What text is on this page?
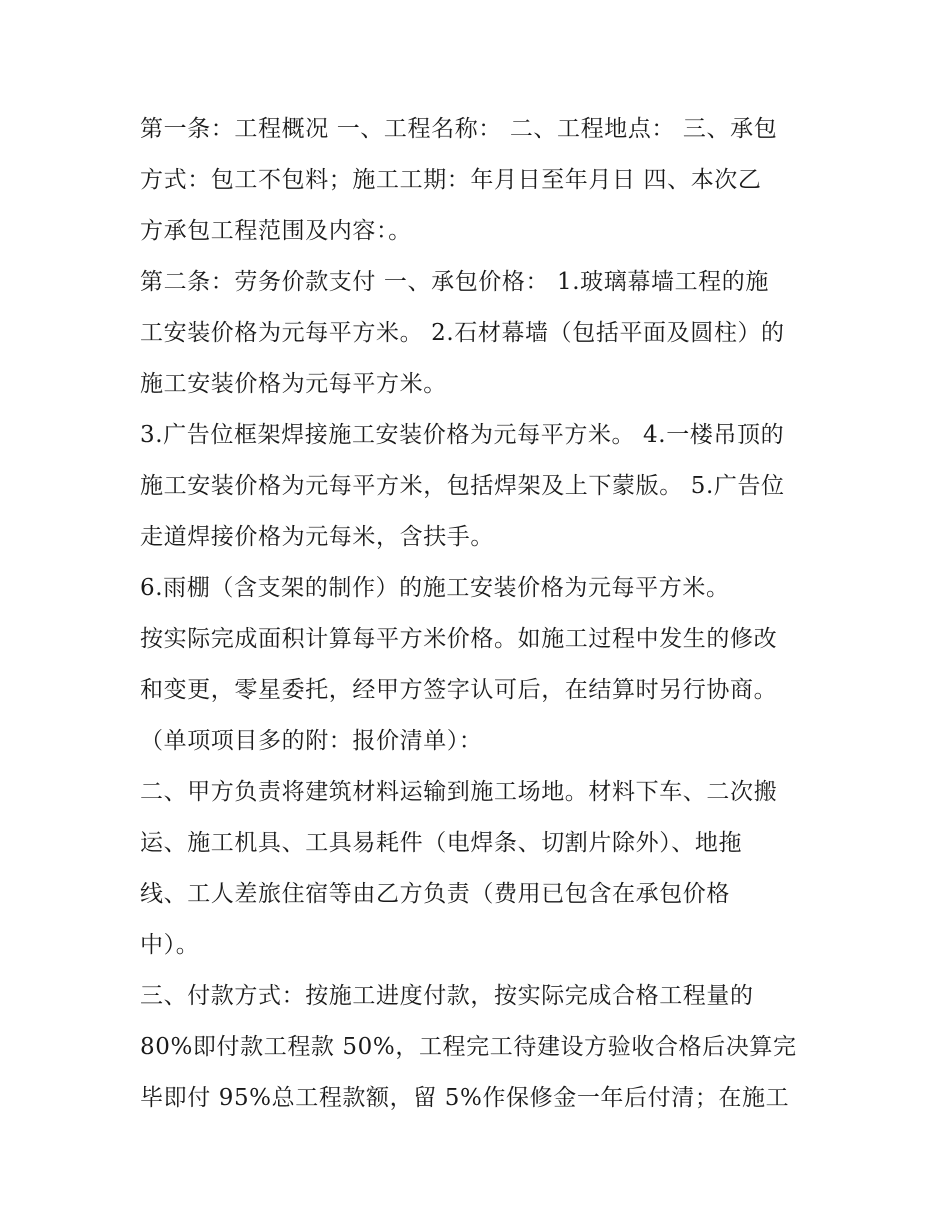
第一条：工程概况 一、工程名称： 二、工程地点： 三、承包
方式：包工不包料；施工工期：年月日至年月日 四、本次乙
方承包工程范围及内容：。
第二条：劳务价款支付 一、承包价格： 1.玻璃幕墙工程的施
工安装价格为元每平方米。 2.石材幕墙（包括平面及圆柱）的
施工安装价格为元每平方米。
3.广告位框架焊接施工安装价格为元每平方米。 4.一楼吊顶的
施工安装价格为元每平方米，包括焊架及上下蒙版。 5.广告位
走道焊接价格为元每米，含扶手。
6.雨棚（含支架的制作）的施工安装价格为元每平方米。
按实际完成面积计算每平方米价格。如施工过程中发生的修改
和变更，零星委托，经甲方签字认可后，在结算时另行协商。
（单项项目多的附：报价清单）：
二、甲方负责将建筑材料运输到施工场地。材料下车、二次搬
运、施工机具、工具易耗件（电焊条、切割片除外）、地拖
线、工人差旅住宿等由乙方负责（费用已包含在承包价格
中）。
三、付款方式：按施工进度付款，按实际完成合格工程量的
80%即付款工程款 50%，工程完工待建设方验收合格后决算完
毕即付 95%总工程款额，留 5%作保修金一年后付清；在施工
